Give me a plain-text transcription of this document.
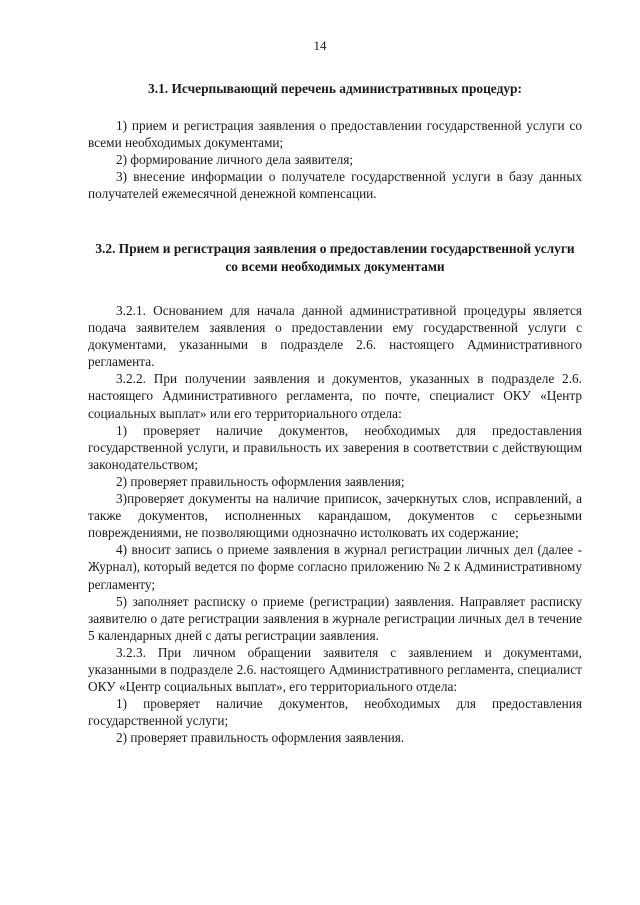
14
3.1. Исчерпывающий перечень административных процедур:

1) прием и регистрация заявления о предоставлении государственной услуги со всеми необходимых документами;

2) формирование личного дела заявителя;

3) внесение информации о получателе государственной услуги в базу данных получателей ежемесячной денежной компенсации.

3.2. Прием и регистрация заявления о предоставлении государственной услуги со всеми необходимых документами

3.2.1. Основанием для начала данной административной процедуры является подача заявителем заявления о предоставлении ему государственной услуги с документами, указанными в подразделе 2.6. настоящего Административного регламента.

3.2.2. При получении заявления и документов, указанных в подразделе 2.6. настоящего Административного регламента, по почте, специалист ОКУ «Центр социальных выплат» или его территориального отдела:

1) проверяет наличие документов, необходимых для предоставления государственной услуги, и правильность их заверения в соответствии с действующим законодательством;

2) проверяет правильность оформления заявления;

3)проверяет документы на наличие приписок, зачеркнутых слов, исправлений, а также документов, исполненных карандашом, документов с серьезными повреждениями, не позволяющими однозначно истолковать их содержание;

4) вносит запись о приеме заявления в журнал регистрации личных дел (далее - Журнал), который ведется по форме согласно приложению № 2 к Административному регламенту;

5) заполняет расписку о приеме (регистрации) заявления. Направляет расписку заявителю о дате регистрации заявления в журнале регистрации личных дел в течение 5 календарных дней с даты регистрации заявления.

3.2.3. При личном обращении заявителя с заявлением и документами, указанными в подразделе 2.6. настоящего Административного регламента, специалист ОКУ «Центр социальных выплат», его территориального отдела:

1) проверяет наличие документов, необходимых для предоставления государственной услуги;

2) проверяет правильность оформления заявления.
